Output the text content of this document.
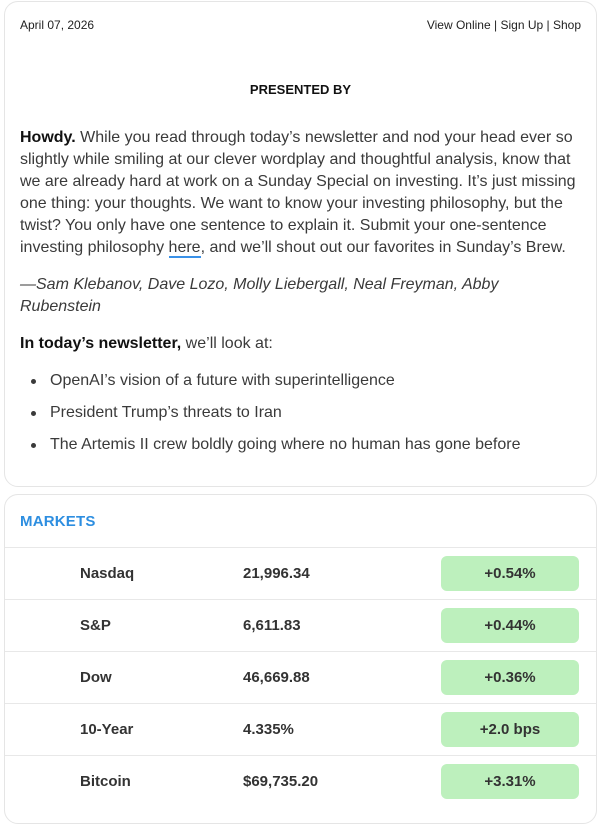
April 07, 2026	View Online | Sign Up | Shop
PRESENTED BY

Howdy. While you read through today’s newsletter and nod your head ever so slightly while smiling at our clever wordplay and thoughtful analysis, know that we are already hard at work on a Sunday Special on investing. It’s just missing one thing: your thoughts. We want to know your investing philosophy, but the twist? You only have one sentence to explain it. Submit your one-sentence investing philosophy here, and we’ll shout out our favorites in Sunday’s Brew.

—Sam Klebanov, Dave Lozo, Molly Liebergall, Neal Freyman, Abby Rubenstein

In today’s newsletter, we’ll look at:

OpenAI’s vision of a future with superintelligence
President Trump’s threats to Iran
The Artemis II crew boldly going where no human has gone before
MARKETS
Nasdaq	21,996.34	+0.54%
S&P	6,611.83	+0.44%
Dow	46,669.88	+0.36%
10-Year	4.335%	+2.0 bps
Bitcoin	$69,735.20	+3.31%
